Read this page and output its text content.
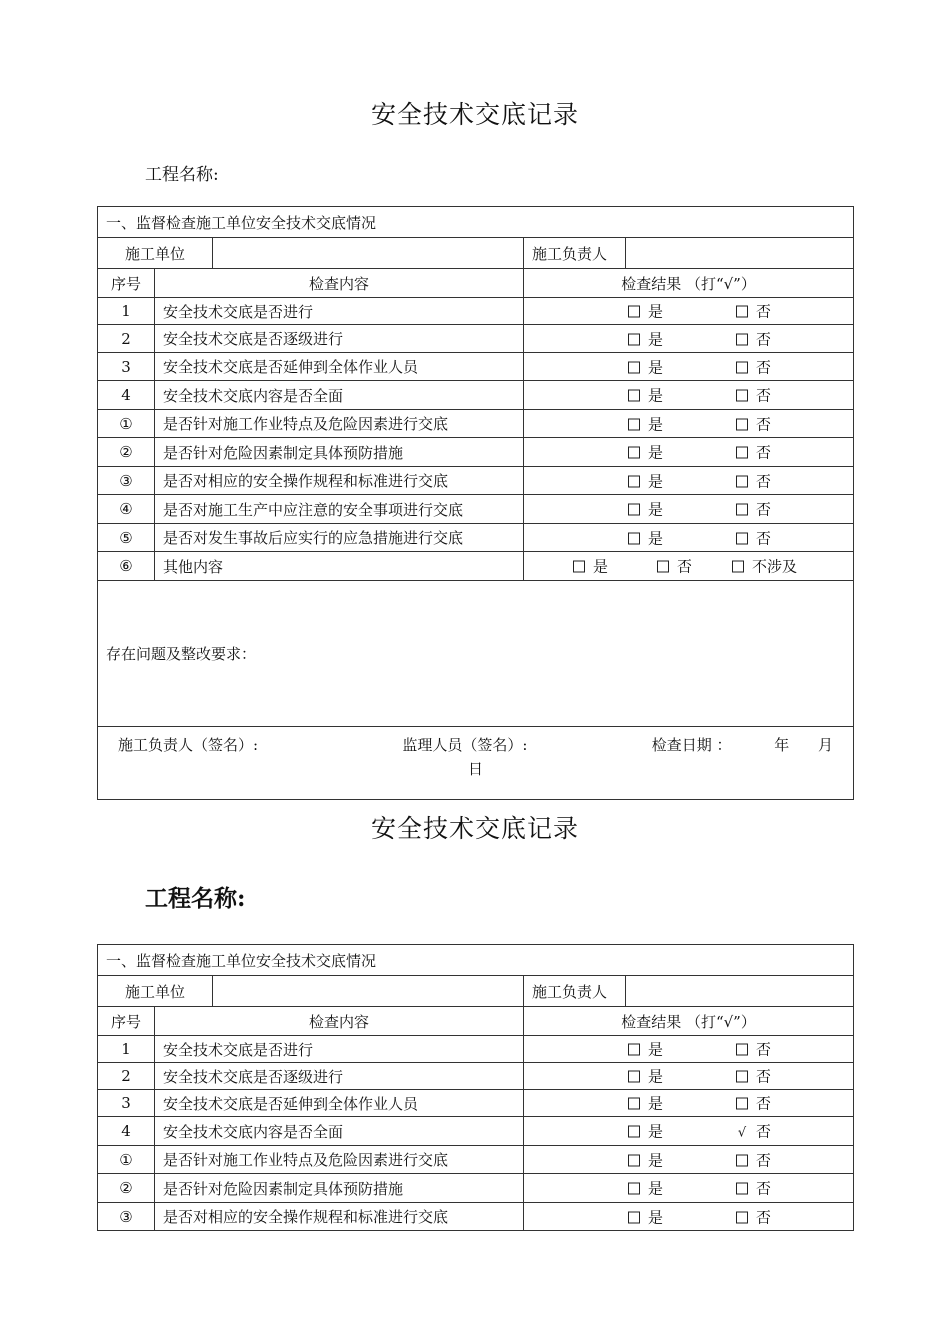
安全技术交底记录
工程名称:
一、监督检查施工单位安全技术交底情况				
施工单位			施工负责人	
序号	检查内容		检查结果 （打“√”）	
1	安全技术交底是否进行		是 否	

2	安全技术交底是否逐级进行		是 否	

3	安全技术交底是否延伸到全体作业人员		是 否	

4	安全技术交底内容是否全面		是 否	

①	是否针对施工作业特点及危险因素进行交底		是 否	

②	是否针对危险因素制定具体预防措施		是 否	

③	是否对相应的安全操作规程和标准进行交底		是 否	

④	是否对施工生产中应注意的安全事项进行交底		是 否	

⑤	是否对发生事故后应实行的应急措施进行交底		是 否	

⑥	其他内容		是 否 不涉及	

存在问题及整改要求：				

施工负责人（签名）: 监理人员（签名）: 检查日期 ： 年 月
日				
安全技术交底记录
工程名称:
一、监督检查施工单位安全技术交底情况				
施工单位			施工负责人	
序号	检查内容		检查结果 （打“√”）	
1	安全技术交底是否进行		是 否	

2	安全技术交底是否逐级进行		是 否	

3	安全技术交底是否延伸到全体作业人员		是 否	

4	安全技术交底内容是否全面		是 √ 否	

①	是否针对施工作业特点及危险因素进行交底		是 否	

②	是否针对危险因素制定具体预防措施		是 否	

③	是否对相应的安全操作规程和标准进行交底		是 否	
